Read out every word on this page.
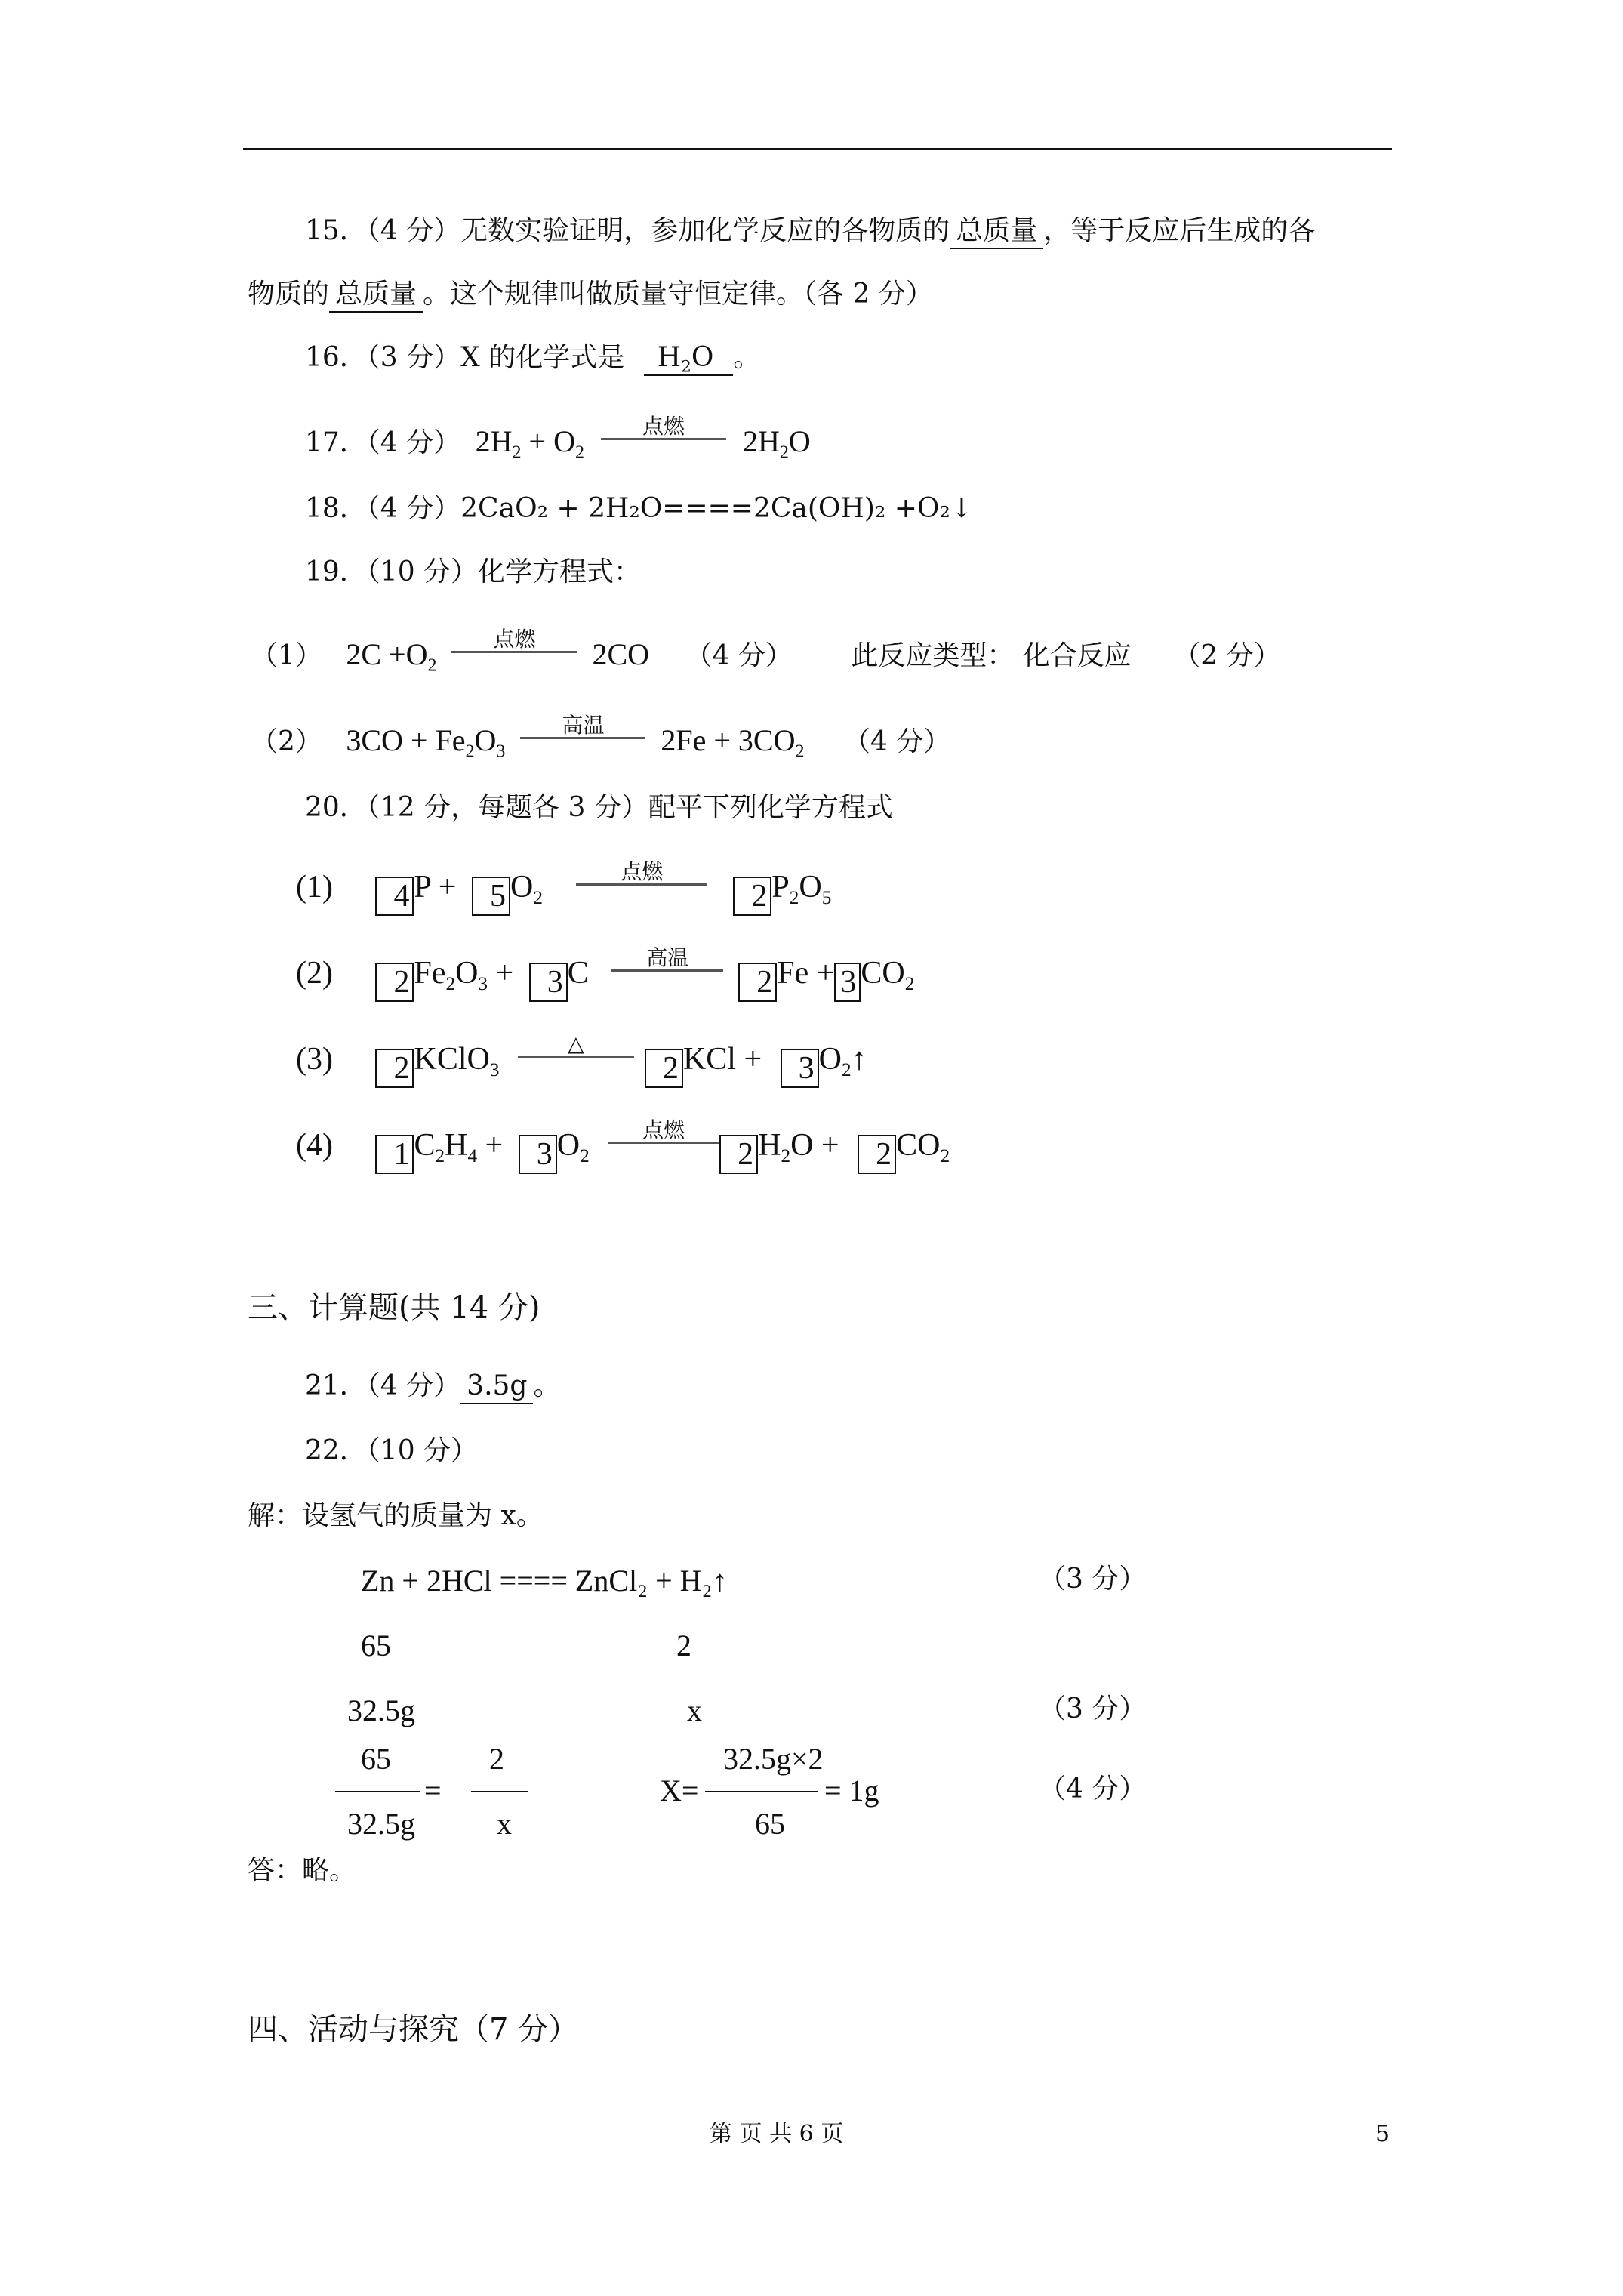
15．（4 分）无数实验证明，参加化学反应的各物质的 总质量 ，等于反应后生成的各
物质的 总质量 。这个规律叫做质量守恒定律。（各 2 分）
16．（3 分）X 的化学式是 $H_2O$ 。
17．（4 分） $2H_2 + O_2$
点燃	$2H_2O$
18．（4 分）2CaO₂ + 2H₂O====2Ca(OH)₂ +O₂↓
19．（10 分）化学方程式：
（1） $2C +O_2$
点燃	2CO （4 分） 此反应类型： 化合反应 （2 分）
（2） $3CO + Fe_2O_3$
高温	$2Fe + 3CO_2$ （4 分）
20．（12 分，每题各 3 分）配平下列化学方程式
(1) 4 P + 5 $O_2$
点燃
2 $P_2O_5$
(2) 2 $Fe_2O_3 + 3$ C	高温
2 Fe + 3 $CO_2$
(3) 2 KClO$_3$
△
2 KCl + 3 $O_2↑$
(4) 1 $C_2H_4 + 3$ $O_2$
点燃
2 $H_2O + 2$ $CO_2$
三、计算题(共 14 分)
21．（4 分） 3.5g 。
22．（10 分）
解：设氢气的质量为 x。
Zn + 2HCl ==== ZnCl₂ + H₂↑	（3 分）
65	2
32.5g	x	（3 分）
65
32.5g
=
2
x
X=
32.5g×2
65
= 1g	（4 分）
答：略。
四、活动与探究（7 分）
第 页 共 6 页	5
